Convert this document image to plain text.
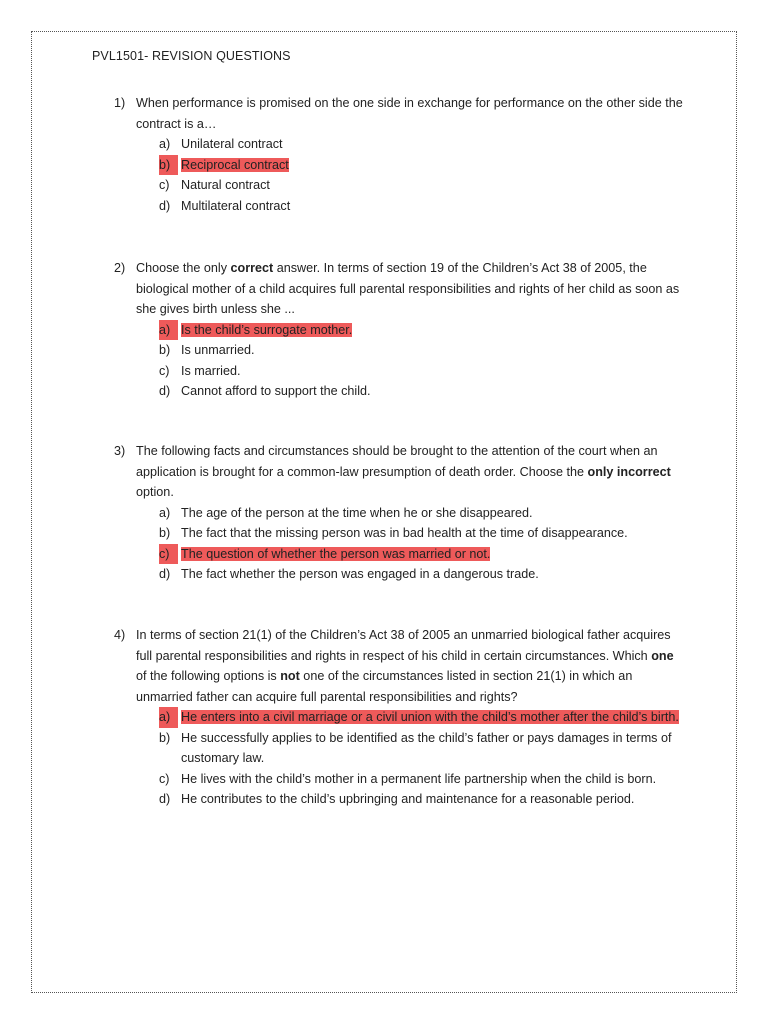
PVL1501- REVISION QUESTIONS
1) When performance is promised on the one side in exchange for performance on the other side the contract is a…
a) Unilateral contract
b) Reciprocal contract
c) Natural contract
d) Multilateral contract
2) Choose the only correct answer. In terms of section 19 of the Children’s Act 38 of 2005, the biological mother of a child acquires full parental responsibilities and rights of her child as soon as she gives birth unless she ...
a) Is the child’s surrogate mother.
b) Is unmarried.
c) Is married.
d) Cannot afford to support the child.
3) The following facts and circumstances should be brought to the attention of the court when an application is brought for a common-law presumption of death order. Choose the only incorrect option.
a) The age of the person at the time when he or she disappeared.
b) The fact that the missing person was in bad health at the time of disappearance.
c) The question of whether the person was married or not.
d) The fact whether the person was engaged in a dangerous trade.
4) In terms of section 21(1) of the Children’s Act 38 of 2005 an unmarried biological father acquires full parental responsibilities and rights in respect of his child in certain circumstances. Which one of the following options is not one of the circumstances listed in section 21(1) in which an unmarried father can acquire full parental responsibilities and rights?
a) He enters into a civil marriage or a civil union with the child’s mother after the child’s birth.
b) He successfully applies to be identified as the child’s father or pays damages in terms of customary law.
c) He lives with the child’s mother in a permanent life partnership when the child is born.
d) He contributes to the child’s upbringing and maintenance for a reasonable period.
